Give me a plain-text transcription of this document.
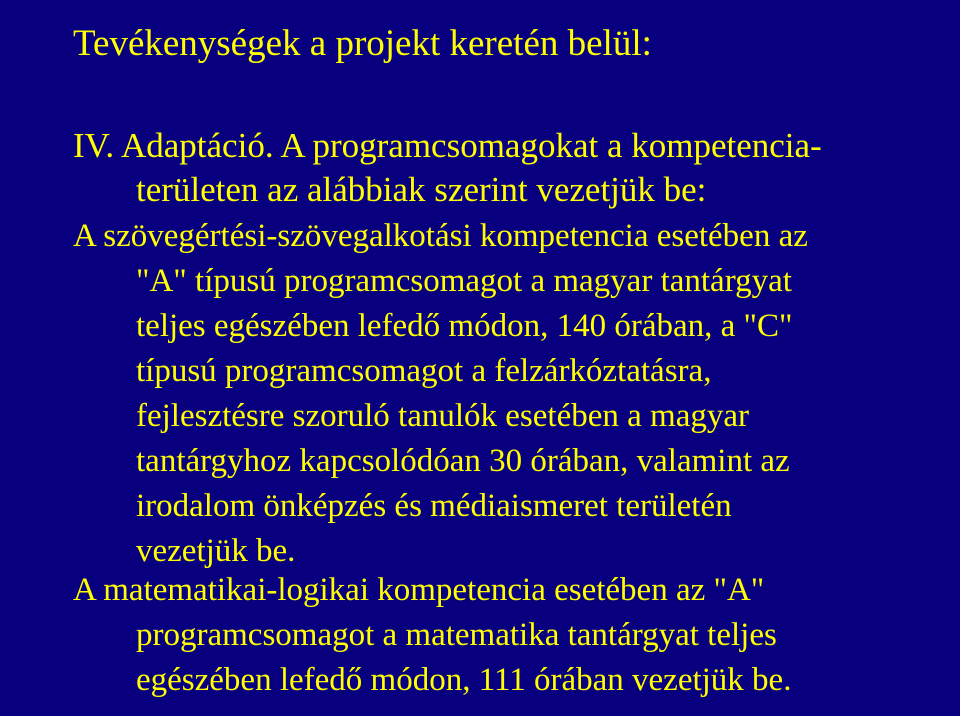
Tevékenységek a projekt keretén belül:

IV. Adaptáció. A programcsomagokat a kompetencia-
területen az alábbiak szerint vezetjük be:

A szövegértési-szövegalkotási kompetencia esetében az
"A" típusú programcsomagot a magyar tantárgyat
teljes egészében lefedő módon, 140 órában, a "C"
típusú programcsomagot a felzárkóztatásra,
fejlesztésre szoruló tanulók esetében a magyar
tantárgyhoz kapcsolódóan 30 órában, valamint az
irodalom önképzés és médiaismeret területén
vezetjük be.

A matematikai-logikai kompetencia esetében az "A"
programcsomagot a matematika tantárgyat teljes
egészében lefedő módon, 111 órában vezetjük be.
